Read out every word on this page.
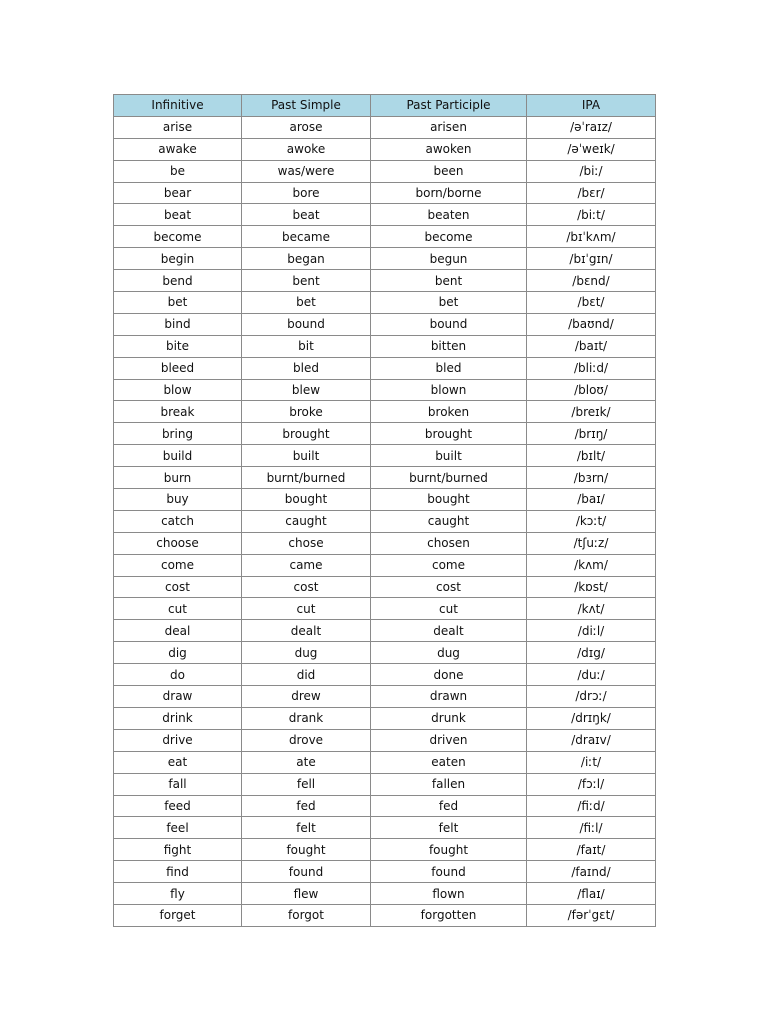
Infinitive	Past Simple	Past Participle	IPA
arise	arose	arisen	/əˈraɪz/
awake	awoke	awoken	/əˈweɪk/
be	was/were	been	/biː/
bear	bore	born/borne	/bɛr/
beat	beat	beaten	/biːt/
become	became	become	/bɪˈkʌm/
begin	began	begun	/bɪˈgɪn/
bend	bent	bent	/bɛnd/
bet	bet	bet	/bɛt/
bind	bound	bound	/baʊnd/
bite	bit	bitten	/baɪt/
bleed	bled	bled	/bliːd/
blow	blew	blown	/bloʊ/
break	broke	broken	/breɪk/
bring	brought	brought	/brɪŋ/
build	built	built	/bɪlt/
burn	burnt/burned	burnt/burned	/bɜrn/
buy	bought	bought	/baɪ/
catch	caught	caught	/kɔːt/
choose	chose	chosen	/tʃuːz/
come	came	come	/kʌm/
cost	cost	cost	/kɒst/
cut	cut	cut	/kʌt/
deal	dealt	dealt	/diːl/
dig	dug	dug	/dɪg/
do	did	done	/duː/
draw	drew	drawn	/drɔː/
drink	drank	drunk	/drɪŋk/
drive	drove	driven	/draɪv/
eat	ate	eaten	/iːt/
fall	fell	fallen	/fɔːl/
feed	fed	fed	/fiːd/
feel	felt	felt	/fiːl/
fight	fought	fought	/faɪt/
find	found	found	/faɪnd/
fly	flew	flown	/flaɪ/
forget	forgot	forgotten	/fərˈgɛt/
